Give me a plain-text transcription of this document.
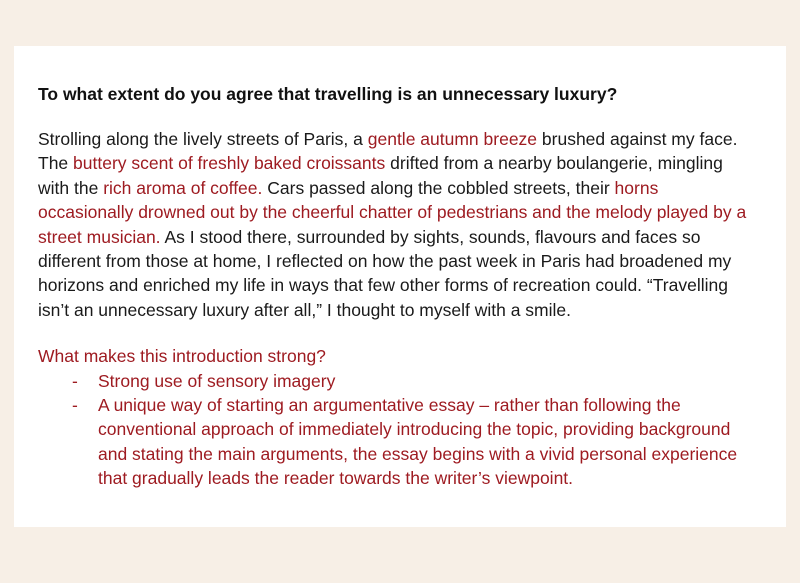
To what extent do you agree that travelling is an unnecessary luxury?

Strolling along the lively streets of Paris, a gentle autumn breeze brushed against my face.
The buttery scent of freshly baked croissants drifted from a nearby boulangerie, mingling
with the rich aroma of coffee. Cars passed along the cobbled streets, their horns
occasionally drowned out by the cheerful chatter of pedestrians and the melody played by a
street musician. As I stood there, surrounded by sights, sounds, flavours and faces so
different from those at home, I reflected on how the past week in Paris had broadened my
horizons and enriched my life in ways that few other forms of recreation could. “Travelling
isn’t an unnecessary luxury after all,” I thought to myself with a smile.
What makes this introduction strong?
- Strong use of sensory imagery
- A unique way of starting an argumentative essay – rather than following the
conventional approach of immediately introducing the topic, providing background
and stating the main arguments, the essay begins with a vivid personal experience
that gradually leads the reader towards the writer’s viewpoint.
